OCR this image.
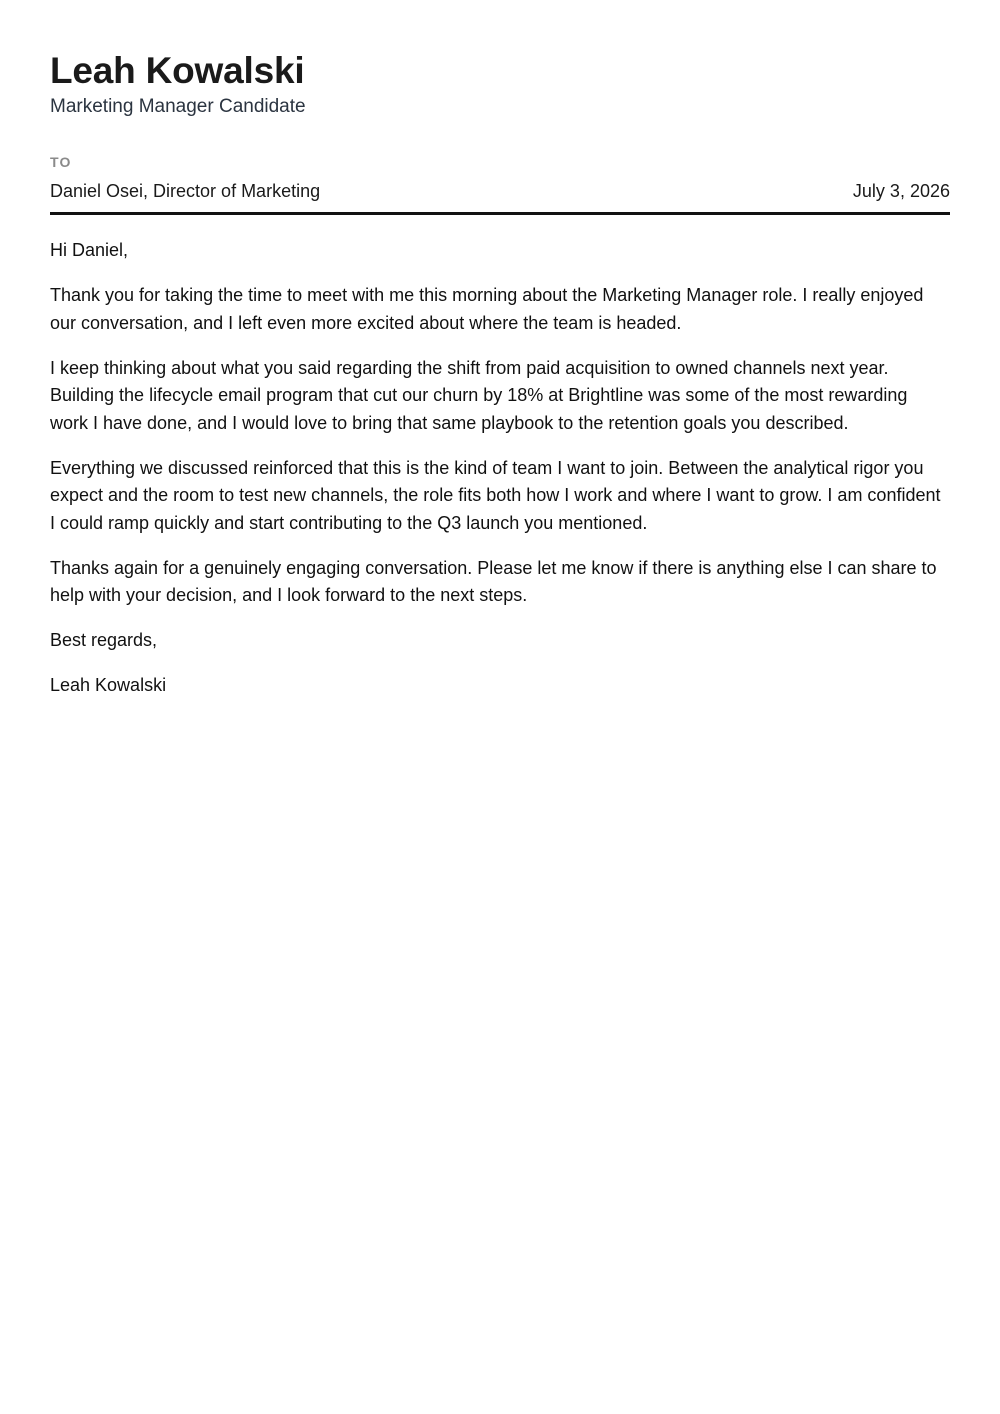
Leah Kowalski
Marketing Manager Candidate
TO
Daniel Osei, Director of Marketing	July 3, 2026

Hi Daniel,

Thank you for taking the time to meet with me this morning about the Marketing Manager role. I really enjoyed our conversation, and I left even more excited about where the team is headed.

I keep thinking about what you said regarding the shift from paid acquisition to owned channels next year. Building the lifecycle email program that cut our churn by 18% at Brightline was some of the most rewarding work I have done, and I would love to bring that same playbook to the retention goals you described.

Everything we discussed reinforced that this is the kind of team I want to join. Between the analytical rigor you expect and the room to test new channels, the role fits both how I work and where I want to grow. I am confident I could ramp quickly and start contributing to the Q3 launch you mentioned.

Thanks again for a genuinely engaging conversation. Please let me know if there is anything else I can share to help with your decision, and I look forward to the next steps.

Best regards,

Leah Kowalski
